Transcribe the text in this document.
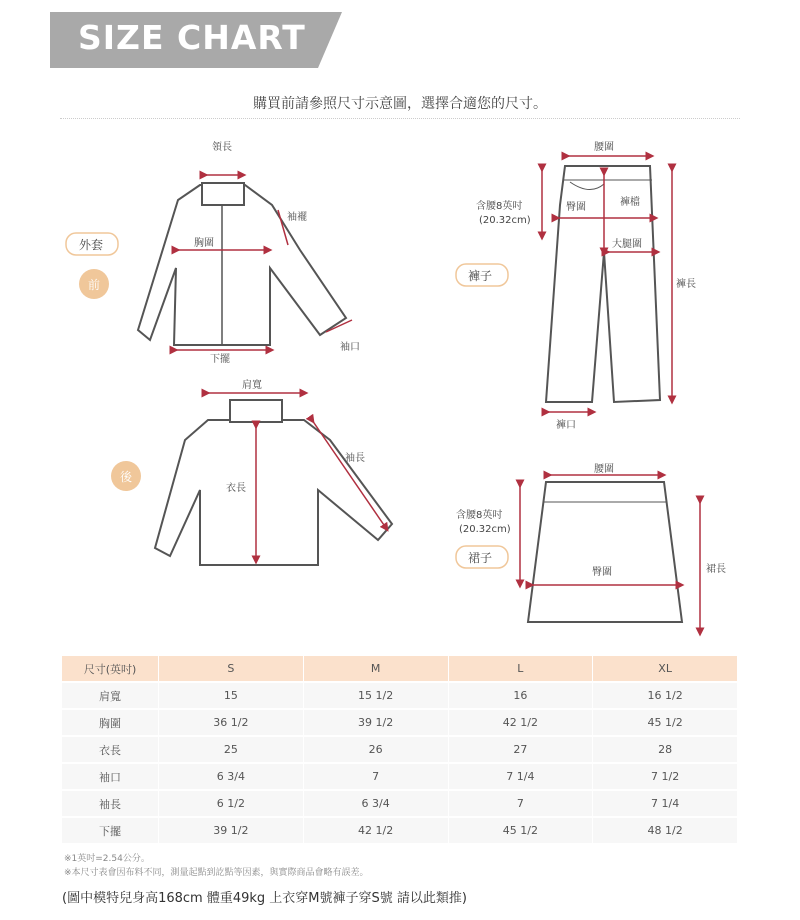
SIZE CHART
購買前請參照尺寸示意圖，選擇合適您的尺寸。
領長
胸圍
袖襬
下擺
袖口
外套
前
肩寬
衣長
袖長
後
腰圍
含腰8英吋
(20.32cm)
臀圍	褲檔
大腿圍
褲長
褲口
褲子
腰圍
含腰8英吋
(20.32cm)
臀圍	裙長
裙子
尺寸(英吋)	S	M	L	XL
肩寬	15	15 1/2	16	16 1/2
胸圍	36 1/2	39 1/2	42 1/2	45 1/2
衣長	25	26	27	28
袖口	6 3/4	7	7 1/4	7 1/2
袖長	6 1/2	6 3/4	7	7 1/4
下擺	39 1/2	42 1/2	45 1/2	48 1/2
※1英吋=2.54公分。
※本尺寸表會因布料不同，測量起點到訖點等因素，與實際商品會略有誤差。
(圖中模特兒身高168cm 體重49kg 上衣穿M號褲子穿S號 請以此類推)
